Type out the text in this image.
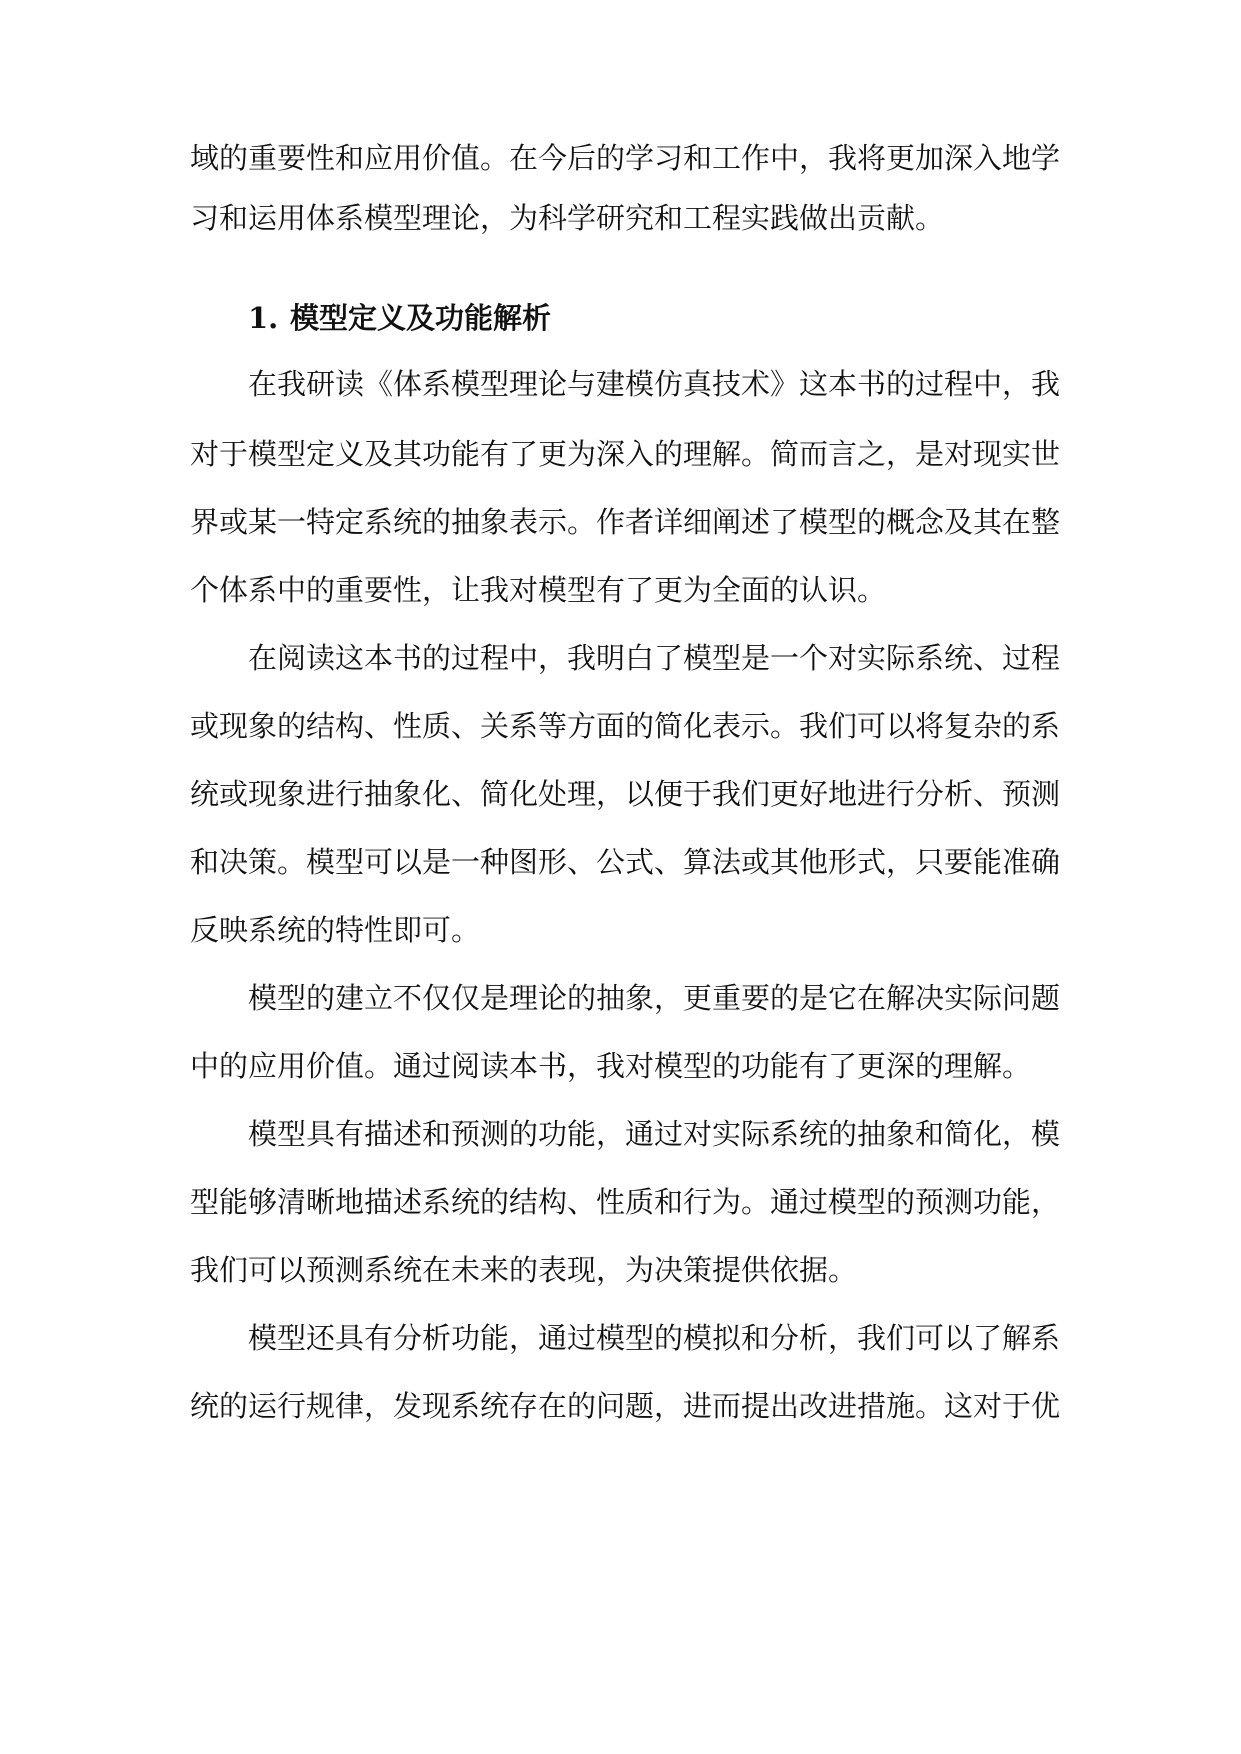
域的重要性和应用价值。在今后的学习和工作中，我将更加深入地学
习和运用体系模型理论，为科学研究和工程实践做出贡献。
1. 模型定义及功能解析
在我研读《体系模型理论与建模仿真技术》这本书的过程中，我
对于模型定义及其功能有了更为深入的理解。简而言之，是对现实世
界或某一特定系统的抽象表示。作者详细阐述了模型的概念及其在整
个体系中的重要性，让我对模型有了更为全面的认识。
在阅读这本书的过程中，我明白了模型是一个对实际系统、过程
或现象的结构、性质、关系等方面的简化表示。我们可以将复杂的系
统或现象进行抽象化、简化处理，以便于我们更好地进行分析、预测
和决策。模型可以是一种图形、公式、算法或其他形式，只要能准确
反映系统的特性即可。
模型的建立不仅仅是理论的抽象，更重要的是它在解决实际问题
中的应用价值。通过阅读本书，我对模型的功能有了更深的理解。
模型具有描述和预测的功能，通过对实际系统的抽象和简化，模
型能够清晰地描述系统的结构、性质和行为。通过模型的预测功能，
我们可以预测系统在未来的表现，为决策提供依据。
模型还具有分析功能，通过模型的模拟和分析，我们可以了解系
统的运行规律，发现系统存在的问题，进而提出改进措施。这对于优
